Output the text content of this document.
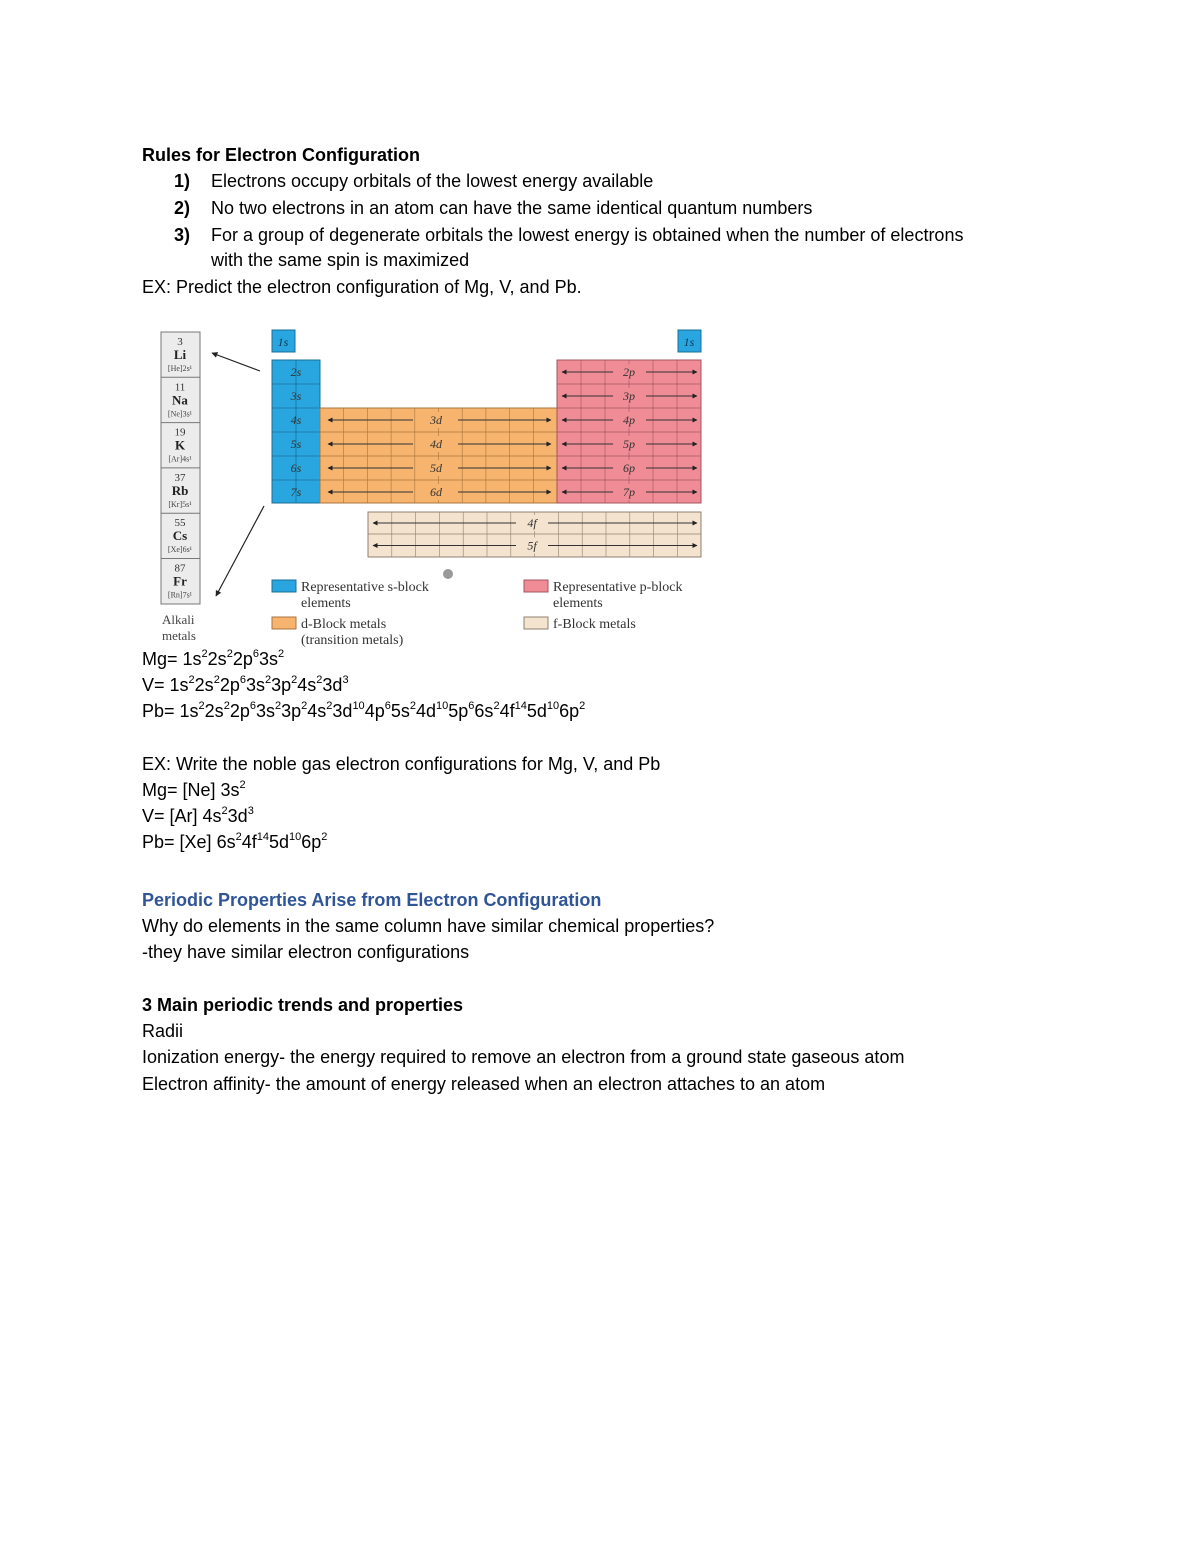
Rules for Electron Configuration
1) Electrons occupy orbitals of the lowest energy available
2) No two electrons in an atom can have the same identical quantum numbers
3) For a group of degenerate orbitals the lowest energy is obtained when the number of electrons
with the same spin is maximized
EX: Predict the electron configuration of Mg, V, and Pb.
3
Li
[He]2s¹
11
Na
[Ne]3s¹
19
K
[Ar]4s¹
37
Rb
[Kr]5s¹
55
Cs
[Xe]6s¹
87
Fr
[Rn]7s¹
Alkali
metals
1s	1s
2s
3s
4s
5s
6s
7s
3d
4d
5d
6d
2p
3p
4p
5p
6p
7p
4f
5f
Representative s-block
elements
d-Block metals
(transition metals)
Representative p-block
elements
f-Block metals
$Mg= 1s^22s^22p^63s^2$
$V= 1s^22s^22p^63s^23p^24s^23d^3$
$Pb= 1s^22s^22p^63s^23p^24s^23d^{10}4p^65s^24d^{10}5p^66s^24f^{14}5d^{10}6p^2$
EX: Write the noble gas electron configurations for Mg, V, and Pb
Mg= [Ne] $3s^2$
V= [Ar] $4s^23d^3$
Pb= [Xe] $6s^24f^{14}5d^{10}6p^2$
Periodic Properties Arise from Electron Configuration
Why do elements in the same column have similar chemical properties?
-they have similar electron configurations
3 Main periodic trends and properties
Radii
Ionization energy- the energy required to remove an electron from a ground state gaseous atom
Electron affinity- the amount of energy released when an electron attaches to an atom
